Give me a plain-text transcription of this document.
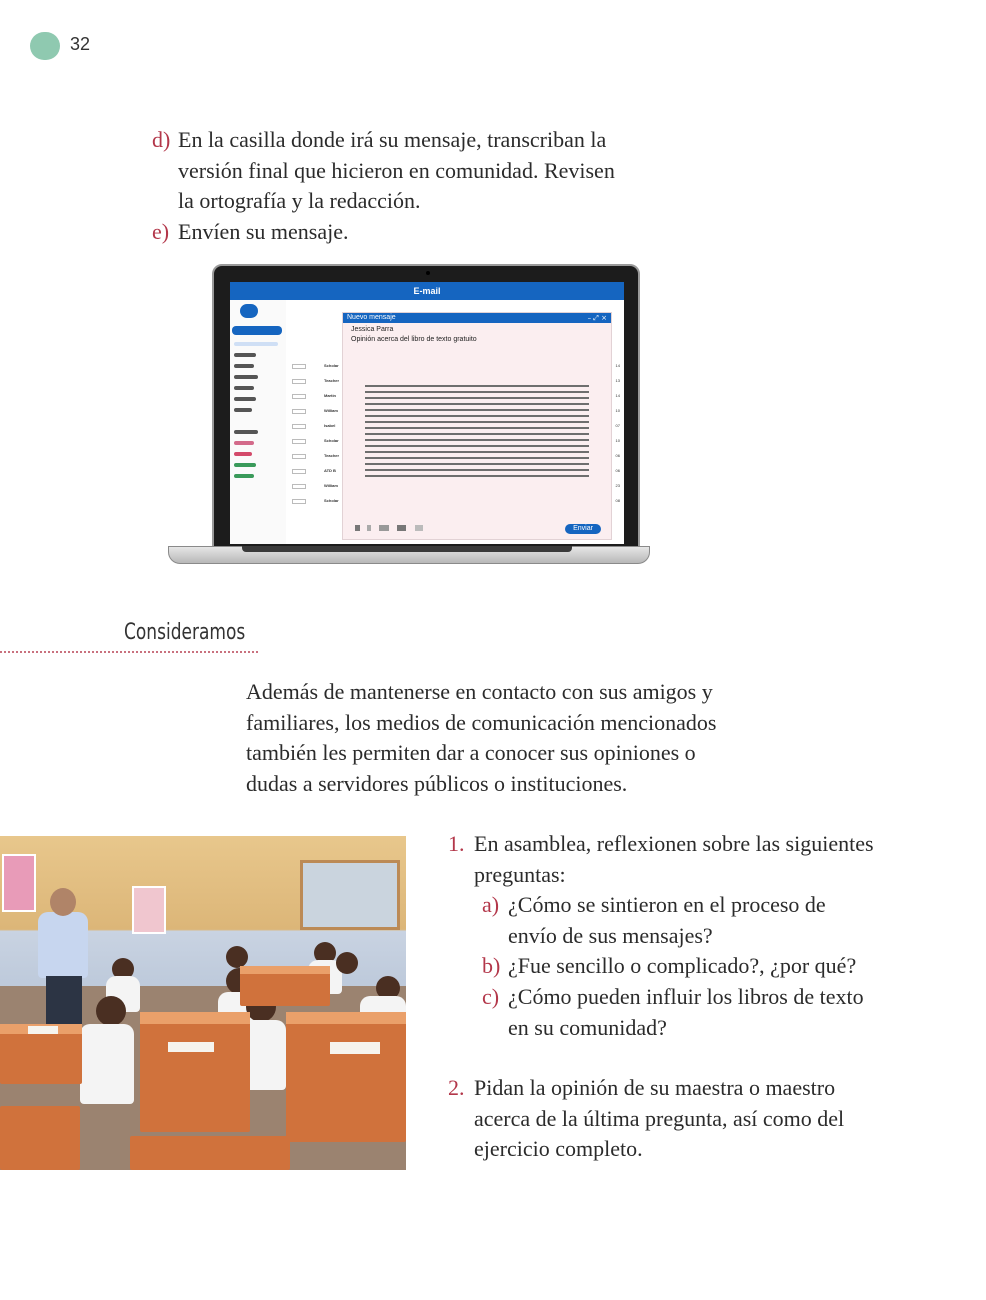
32
d) En la casilla donde irá su mensaje, transcriban la
versión final que hicieron en comunidad. Revisen
la ortografía y la redacción.
e) Envíen su mensaje.
E-mail
Scholar	14
Teacher	13
Martin	14
William	10
Isabel	07
Scholar	10
Teacher	06
ATD B	06
William	23
Scholar	08
Nuevo mensaje	– ⤢ ×
Jessica Parra
Opinión acerca del libro de texto gratuito
Enviar
Consideramos
Además de mantenerse en contacto con sus amigos y
familiares, los medios de comunicación mencionados
también les permiten dar a conocer sus opiniones o
dudas a servidores públicos o instituciones.
1. En asamblea, reflexionen sobre las siguientes
preguntas:
a) ¿Cómo se sintieron en el proceso de
envío de sus mensajes?
b) ¿Fue sencillo o complicado?, ¿por qué?
c) ¿Cómo pueden influir los libros de texto
en su comunidad?
2. Pidan la opinión de su maestra o maestro
acerca de la última pregunta, así como del
ejercicio completo.
